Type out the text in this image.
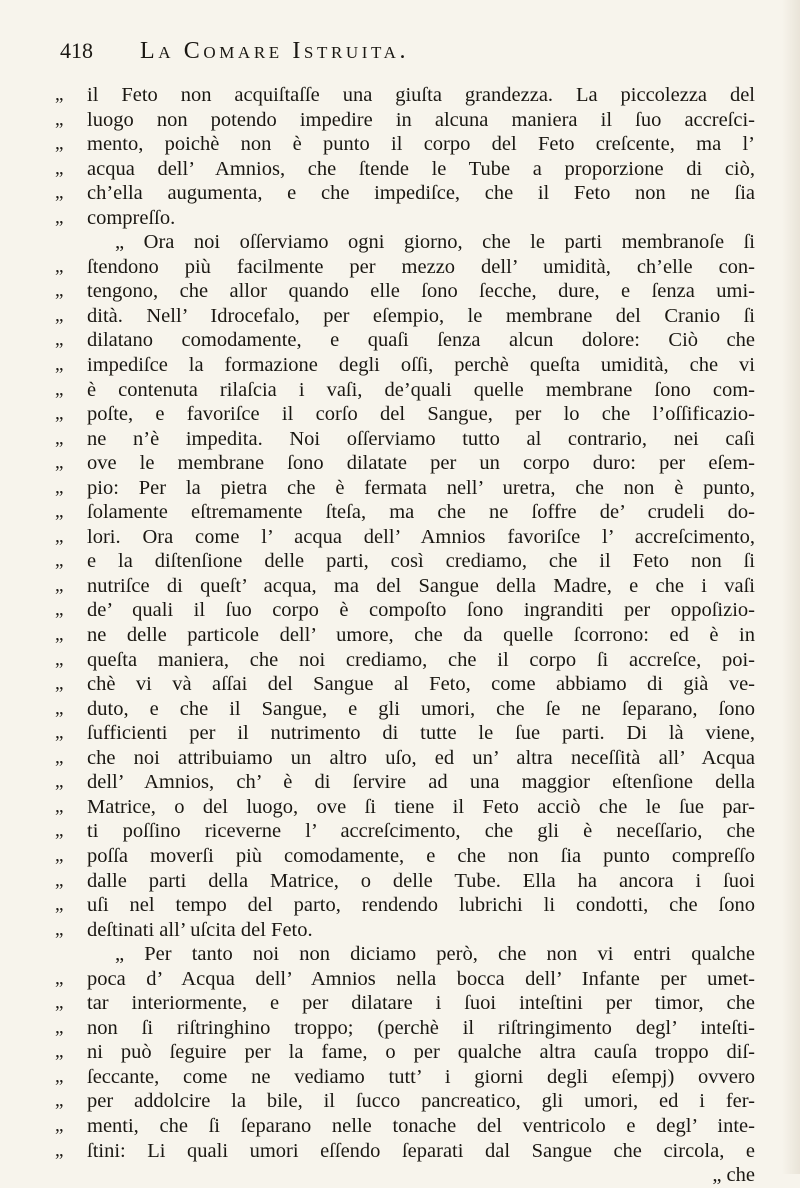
418 La Comare Istruita.
„	il Feto non acquiſtaſſe una giuſta grandezza. La piccolezza del
„	luogo non potendo impedire in alcuna maniera il ſuo accreſci-
„	mento, poichè non è punto il corpo del Feto creſcente, ma l’
„	acqua dell’ Amnios, che ſtende le Tube a proporzione di ciò,
„	ch’ella augumenta, e che impediſce, che il Feto non ne ſia
„	compreſſo.
„ Ora noi oſſerviamo ogni giorno, che le parti membranoſe ſi
„	ſtendono più facilmente per mezzo dell’ umidità, ch’elle con-
„	tengono, che allor quando elle ſono ſecche, dure, e ſenza umi-
„	dità. Nell’ Idrocefalo, per eſempio, le membrane del Cranio ſi
„	dilatano comodamente, e quaſi ſenza alcun dolore: Ciò che
„	impediſce la formazione degli oſſi, perchè queſta umidità, che vi
„	è contenuta rilaſcia i vaſi, de’quali quelle membrane ſono com-
„	poſte, e favoriſce il corſo del Sangue, per lo che l’oſſificazio-
„	ne n’è impedita. Noi oſſerviamo tutto al contrario, nei caſi
„	ove le membrane ſono dilatate per un corpo duro: per eſem-
„	pio: Per la pietra che è fermata nell’ uretra, che non è punto,
„	ſolamente eſtremamente ſteſa, ma che ne ſoffre de’ crudeli do-
„	lori. Ora come l’ acqua dell’ Amnios favoriſce l’ accreſcimento,
„	e la diſtenſione delle parti, così crediamo, che il Feto non ſi
„	nutriſce di queſt’ acqua, ma del Sangue della Madre, e che i vaſi
„	de’ quali il ſuo corpo è compoſto ſono ingranditi per oppoſizio-
„	ne delle particole dell’ umore, che da quelle ſcorrono: ed è in
„	queſta maniera, che noi crediamo, che il corpo ſi accreſce, poi-
„	chè vi và aſſai del Sangue al Feto, come abbiamo di già ve-
„	duto, e che il Sangue, e gli umori, che ſe ne ſeparano, ſono
„	ſufficienti per il nutrimento di tutte le ſue parti. Di là viene,
„	che noi attribuiamo un altro uſo, ed un’ altra neceſſità all’ Acqua
„	dell’ Amnios, ch’ è di ſervire ad una maggior eſtenſione della
„	Matrice, o del luogo, ove ſi tiene il Feto acciò che le ſue par-
„	ti poſſino riceverne l’ accreſcimento, che gli è neceſſario, che
„	poſſa moverſi più comodamente, e che non ſia punto compreſſo
„	dalle parti della Matrice, o delle Tube. Ella ha ancora i ſuoi
„	uſi nel tempo del parto, rendendo lubrichi li condotti, che ſono
„	deſtinati all’ uſcita del Feto.
„ Per tanto noi non diciamo però, che non vi entri qualche
„	poca d’ Acqua dell’ Amnios nella bocca dell’ Infante per umet-
„	tar interiormente, e per dilatare i ſuoi inteſtini per timor, che
„	non ſi riſtringhino troppo; (perchè il riſtringimento degl’ inteſti-
„	ni può ſeguire per la fame, o per qualche altra cauſa troppo diſ-
„	ſeccante, come ne vediamo tutt’ i giorni degli eſempj) ovvero
„	per addolcire la bile, il ſucco pancreatico, gli umori, ed i fer-
„	menti, che ſi ſeparano nelle tonache del ventricolo e degl’ inte-
„	ſtini: Li quali umori eſſendo ſeparati dal Sangue che circola, e
„ che
